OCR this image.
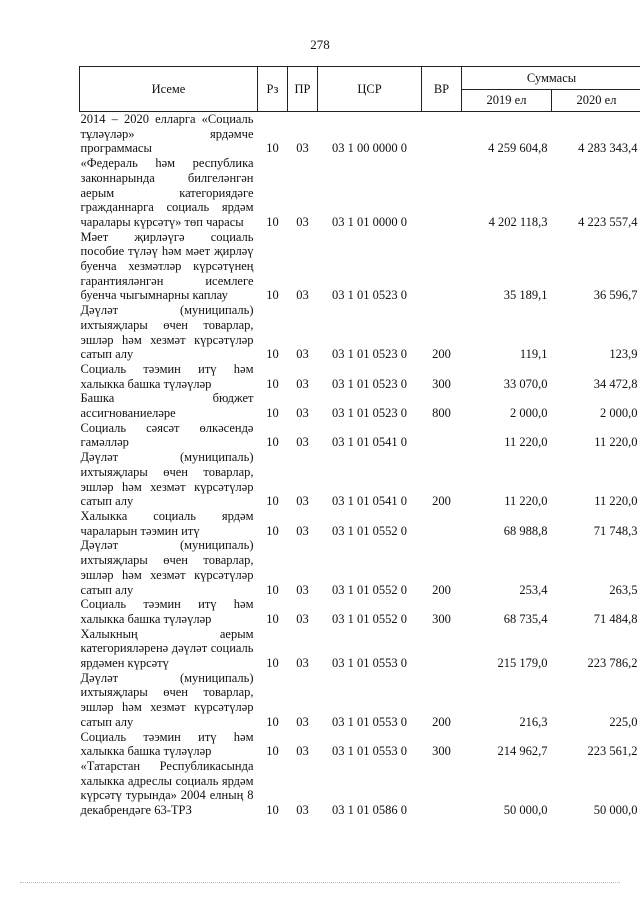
278
Исеме	Рз	ПР	ЦСР	ВР	Суммасы	
					2019 ел	2020 ел
2014 – 2020 елларга «Социаль тұләүләр» ярдәмче программасы	10	03	03 1 00 0000 0		4 259 604,8	4 283 343,4
«Федераль һәм республика законнарында билгеләнгән аерым категориядәге гражданнарга социаль ярдәм чаралары күрсәтү» төп чарасы	10	03	03 1 01 0000 0		4 202 118,3	4 223 557,4
Мәет җирләүгә социаль пособие түләү һәм мәет җирләү буенча хезмәтләр күрсәтүнең гарантияләнгән исемлеге буенча чыгымнарны каплау	10	03	03 1 01 0523 0		35 189,1	36 596,7
Дәүләт (муниципаль) ихтыяҗлары өчен товарлар, эшләр һәм хезмәт күрсәтүләр сатып алу	10	03	03 1 01 0523 0	200	119,1	123,9
Социаль тәэмин итү һәм халыкка башка түләүләр	10	03	03 1 01 0523 0	300	33 070,0	34 472,8
Башка бюджет ассигнованиеләре	10	03	03 1 01 0523 0	800	2 000,0	2 000,0
Социаль сәясәт өлкәсендә гамәлләр	10	03	03 1 01 0541 0		11 220,0	11 220,0
Дәүләт (муниципаль) ихтыяҗлары өчен товарлар, эшләр һәм хезмәт күрсәтүләр сатып алу	10	03	03 1 01 0541 0	200	11 220,0	11 220,0
Халыкка социаль ярдәм чараларын тәэмин итү	10	03	03 1 01 0552 0		68 988,8	71 748,3
Дәүләт (муниципаль) ихтыяҗлары өчен товарлар, эшләр һәм хезмәт күрсәтүләр сатып алу	10	03	03 1 01 0552 0	200	253,4	263,5
Социаль тәэмин итү һәм халыкка башка түләүләр	10	03	03 1 01 0552 0	300	68 735,4	71 484,8
Халыкның аерым категорияләренә дәүләт социаль ярдәмен күрсәтү	10	03	03 1 01 0553 0		215 179,0	223 786,2
Дәүләт (муниципаль) ихтыяҗлары өчен товарлар, эшләр һәм хезмәт күрсәтүләр сатып алу	10	03	03 1 01 0553 0	200	216,3	225,0
Социаль тәэмин итү һәм халыкка башка түләүләр	10	03	03 1 01 0553 0	300	214 962,7	223 561,2
«Татарстан Республикасында халыкка адреслы социаль ярдәм күрсәтү турында» 2004 елның 8 декабрендәге 63-ТРЗ	10	03	03 1 01 0586 0		50 000,0	50 000,0
